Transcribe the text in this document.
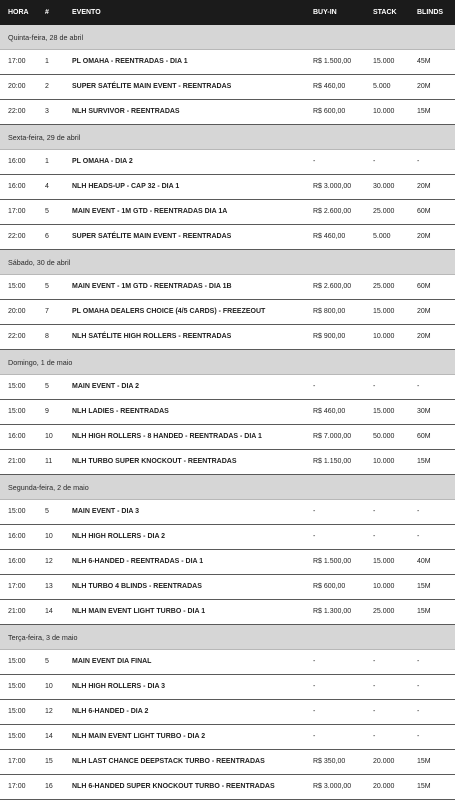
HORA #	EVENTO	BUY-IN	STACK	BLINDS
Quinta-feira, 28 de abril
17:00	1	PL OMAHA - REENTRADAS - DIA 1	R$ 1.500,00	15.000	45M
20:00	2	SUPER SATÉLITE MAIN EVENT - REENTRADAS	R$ 460,00	5.000	20M
22:00	3	NLH SURVIVOR - REENTRADAS	R$ 600,00	10.000	15M
Sexta-feira, 29 de abril
16:00	1	PL OMAHA - DIA 2	-	-	-
16:00	4	NLH HEADS-UP - CAP 32 - DIA 1	R$ 3.000,00	30.000	20M
17:00	5	MAIN EVENT - 1M GTD - REENTRADAS DIA 1A	R$ 2.600,00	25.000	60M
22:00	6	SUPER SATÉLITE MAIN EVENT - REENTRADAS	R$ 460,00	5.000	20M
Sábado, 30 de abril
15:00	5	MAIN EVENT - 1M GTD - REENTRADAS - DIA 1B	R$ 2.600,00	25.000	60M
20:00	7	PL OMAHA DEALERS CHOICE (4/5 CARDS) - FREEZEOUT	R$ 800,00	15.000	20M
22:00	8	NLH SATÉLITE HIGH ROLLERS - REENTRADAS	R$ 900,00	10.000	20M
Domingo, 1 de maio
15:00	5	MAIN EVENT - DIA 2	-	-	-
15:00	9	NLH LADIES - REENTRADAS	R$ 460,00	15.000	30M
16:00	10	NLH HIGH ROLLERS - 8 HANDED - REENTRADAS - DIA 1	R$ 7.000,00	50.000	60M
21:00	11	NLH TURBO SUPER KNOCKOUT - REENTRADAS	R$ 1.150,00	10.000	15M
Segunda-feira, 2 de maio
15:00	5	MAIN EVENT - DIA 3	-	-	-
16:00	10	NLH HIGH ROLLERS - DIA 2	-	-	-
16:00	12	NLH 6-HANDED - REENTRADAS - DIA 1	R$ 1.500,00	15.000	40M
17:00	13	NLH TURBO 4 BLINDS - REENTRADAS	R$ 600,00	10.000	15M
21:00	14	NLH MAIN EVENT LIGHT TURBO - DIA 1	R$ 1.300,00	25.000	15M
Terça-feira, 3 de maio
15:00	5	MAIN EVENT DIA FINAL	-	-	-
15:00	10	NLH HIGH ROLLERS - DIA 3	-	-	-
15:00	12	NLH 6-HANDED - DIA 2	-	-	-
15:00	14	NLH MAIN EVENT LIGHT TURBO - DIA 2	-	-	-
17:00	15	NLH LAST CHANCE DEEPSTACK TURBO - REENTRADAS	R$ 350,00	20.000	15M
17:00	16	NLH 6-HANDED SUPER KNOCKOUT TURBO - REENTRADAS	R$ 3.000,00	20.000	15M
